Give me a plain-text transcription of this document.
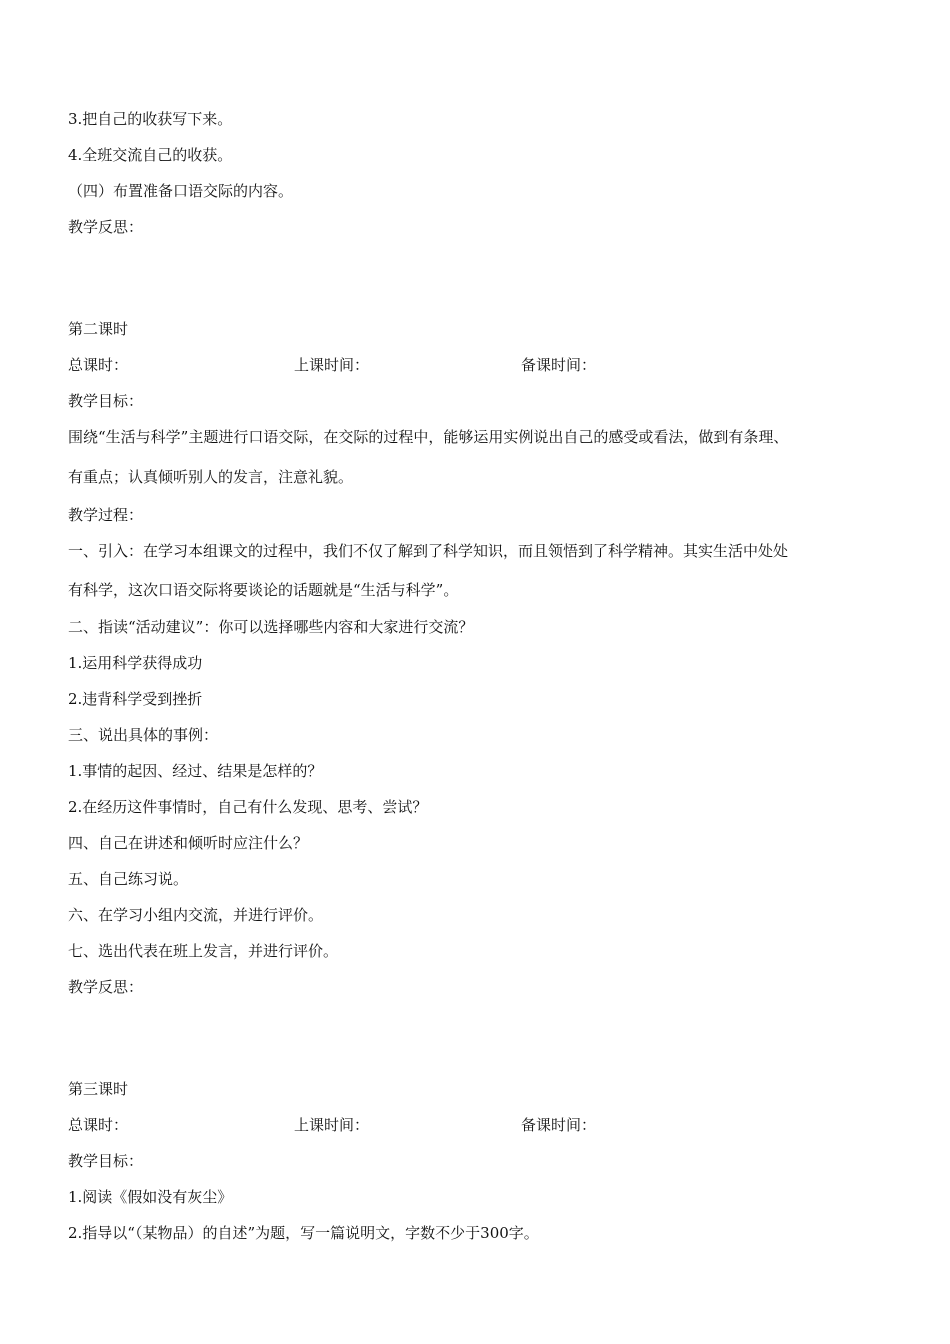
3.把自己的收获写下来。
4.全班交流自己的收获。
（四）布置准备口语交际的内容。
教学反思：
第二课时
总课时：	上课时间：	备课时间：
教学目标：
围绕“生活与科学”主题进行口语交际，在交际的过程中，能够运用实例说出自己的感受或看法，做到有条理、
有重点；认真倾听别人的发言，注意礼貌。
教学过程：
一、引入：在学习本组课文的过程中，我们不仅了解到了科学知识，而且领悟到了科学精神。其实生活中处处
有科学，这次口语交际将要谈论的话题就是“生活与科学”。
二、指读“活动建议”：你可以选择哪些内容和大家进行交流？
1.运用科学获得成功
2.违背科学受到挫折
三、说出具体的事例：
1.事情的起因、经过、结果是怎样的？
2.在经历这件事情时，自己有什么发现、思考、尝试？
四、自己在讲述和倾听时应注什么？
五、自己练习说。
六、在学习小组内交流，并进行评价。
七、选出代表在班上发言，并进行评价。
教学反思：
第三课时
总课时：	上课时间：	备课时间：
教学目标：
1.阅读《假如没有灰尘》
2.指导以“（某物品）的自述”为题，写一篇说明文，字数不少于300字。
